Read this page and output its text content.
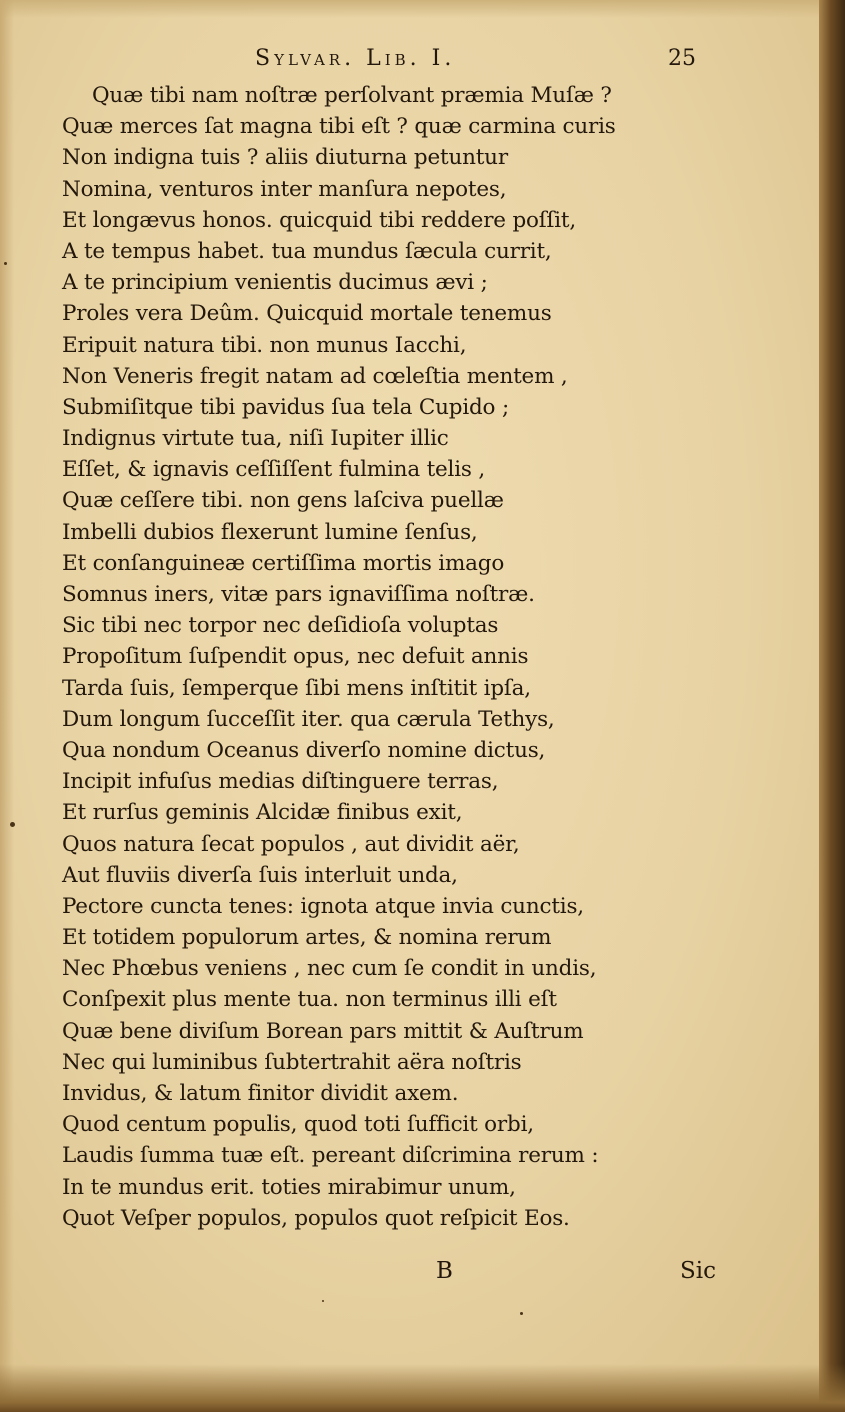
Sylvar. Lib. I.	25
Quæ tibi nam noſtræ perſolvant præmia Muſæ ?
Quæ merces ſat magna tibi eſt ? quæ carmina curis
Non indigna tuis ? aliis diuturna petuntur
Nomina, venturos inter manſura nepotes,
Et longævus honos. quicquid tibi reddere poſſit,
A te tempus habet. tua mundus ſæcula currit,
A te principium venientis ducimus ævi ;
Proles vera Deûm. Quicquid mortale tenemus
Eripuit natura tibi. non munus Iacchi,
Non Veneris fregit natam ad cœleſtia mentem ,
Submiſitque tibi pavidus ſua tela Cupido ;
Indignus virtute tua, niſi Iupiter illic
Eſſet, & ignavis ceſſiſſent fulmina telis ,
Quæ ceſſere tibi. non gens laſciva puellæ
Imbelli dubios flexerunt lumine ſenſus,
Et conſanguineæ certiſſima mortis imago
Somnus iners, vitæ pars ignaviſſima noſtræ.
Sic tibi nec torpor nec deſidioſa voluptas
Propoſitum ſuſpendit opus, nec defuit annis
Tarda ſuis, ſemperque ſibi mens inſtitit ipſa,
Dum longum ſucceſſit iter. qua cærula Tethys,
Qua nondum Oceanus diverſo nomine dictus,
Incipit infuſus medias diſtinguere terras,
Et rurſus geminis Alcidæ finibus exit,
Quos natura ſecat populos , aut dividit aër,
Aut fluviis diverſa ſuis interluit unda,
Pectore cuncta tenes: ignota atque invia cunctis,
Et totidem populorum artes, & nomina rerum
Nec Phœbus veniens , nec cum ſe condit in undis,
Conſpexit plus mente tua. non terminus illi eſt
Quæ bene diviſum Borean pars mittit & Auſtrum
Nec qui luminibus ſubtertrahit aëra noſtris
Invidus, & latum finitor dividit axem.
Quod centum populis, quod toti ſufficit orbi,
Laudis ſumma tuæ eſt. pereant diſcrimina rerum :
In te mundus erit. toties mirabimur unum,
Quot Veſper populos, populos quot reſpicit Eos.
B	Sic
